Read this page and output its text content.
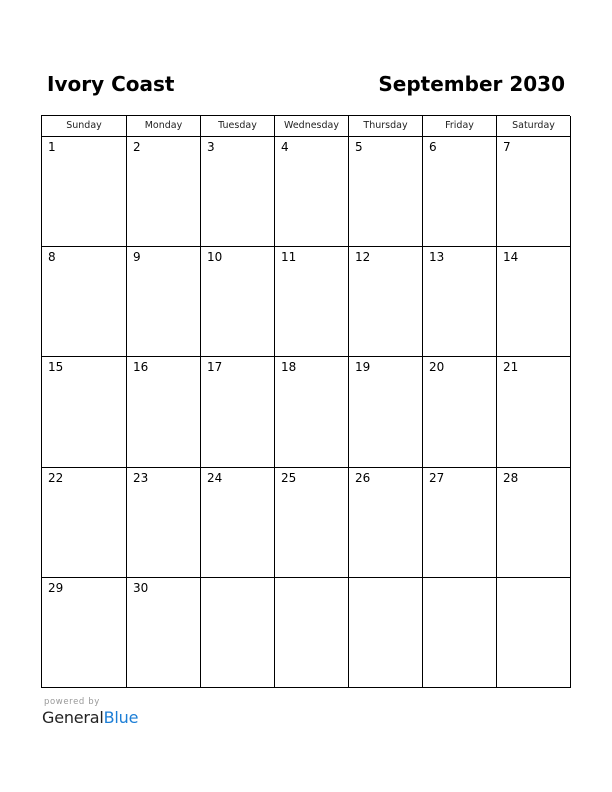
Ivory Coast	September 2030
Sunday	Monday	Tuesday	Wednesday	Thursday	Friday	Saturday
1	2	3	4	5	6	7
8	9	10	11	12	13	14
15	16	17	18	19	20	21
22	23	24	25	26	27	28
29	30
powered by
GeneralBlue
